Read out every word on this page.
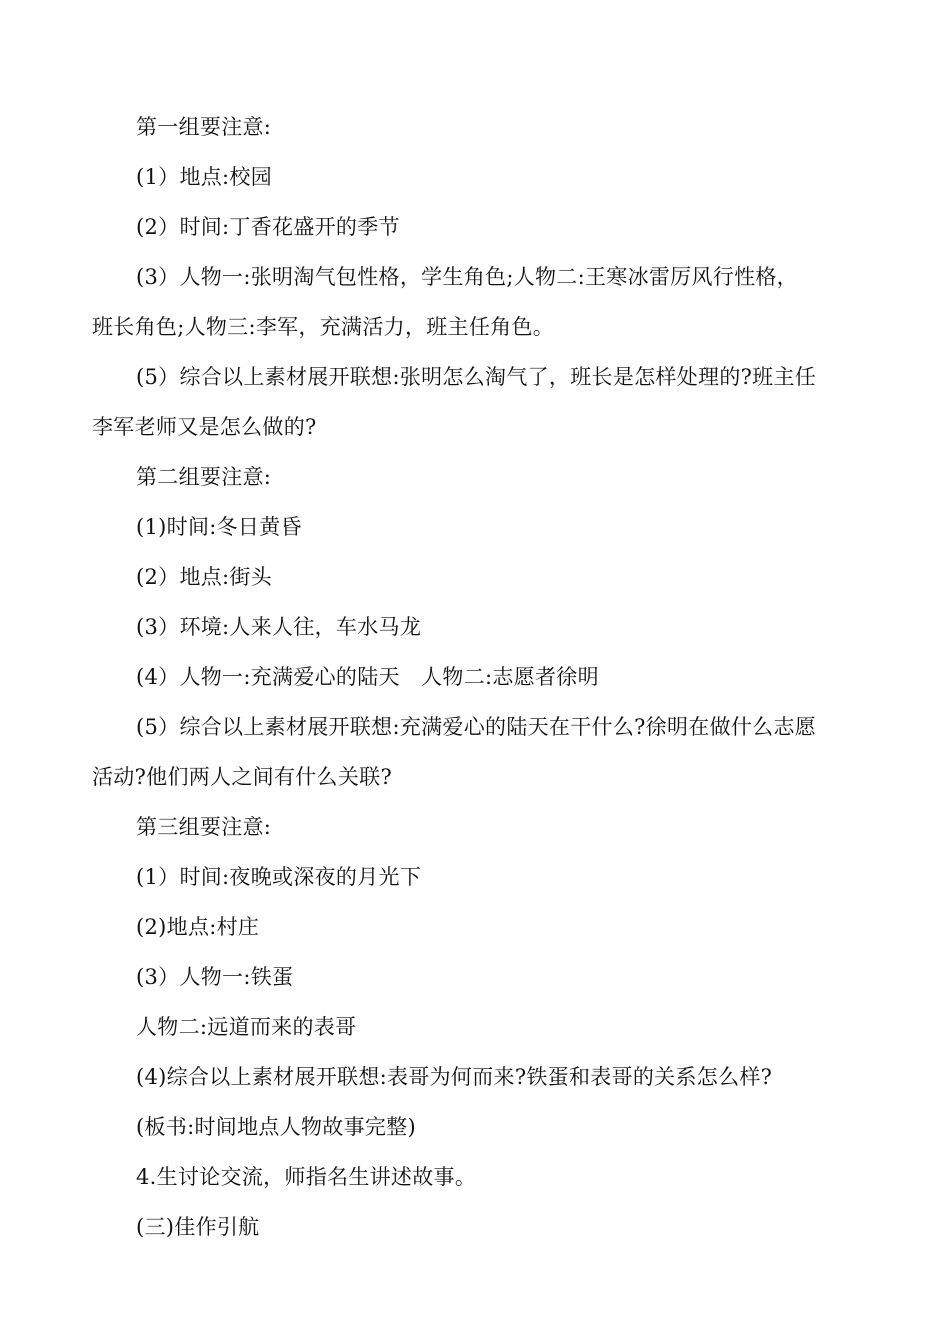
第一组要注意:
(1）地点:校园
(2）时间:丁香花盛开的季节
(3）人物一:张明淘气包性格，学生角色;人物二:王寒冰雷厉风行性格，
班长角色;人物三:李军，充满活力，班主任角色。
(5）综合以上素材展开联想:张明怎么淘气了，班长是怎样处理的?班主任
李军老师又是怎么做的?
第二组要注意:
(1)时间:冬日黄昏
(2）地点:街头
(3）环境:人来人往，车水马龙
(4）人物一:充满爱心的陆天　人物二:志愿者徐明
(5）综合以上素材展开联想:充满爱心的陆天在干什么?徐明在做什么志愿
活动?他们两人之间有什么关联?
第三组要注意:
(1）时间:夜晚或深夜的月光下
(2)地点:村庄
(3）人物一:铁蛋
人物二:远道而来的表哥
(4)综合以上素材展开联想:表哥为何而来?铁蛋和表哥的关系怎么样?
(板书:时间地点人物故事完整)
4.生讨论交流，师指名生讲述故事。
(三)佳作引航
